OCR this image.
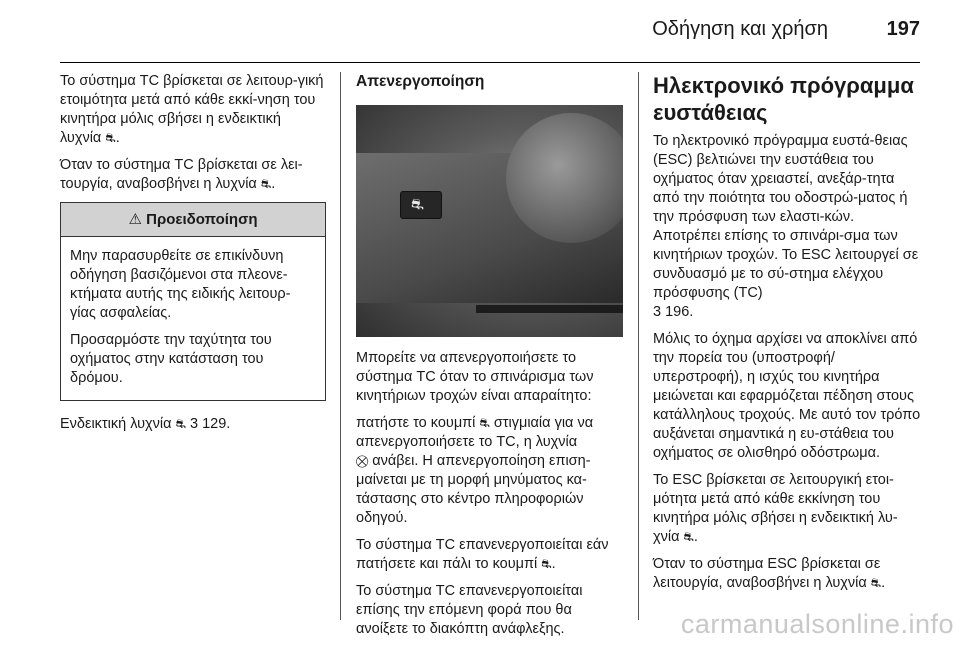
Οδήγηση και χρήση	197

Το σύστημα TC βρίσκεται σε λειτουρ-γική ετοιμότητα μετά από κάθε εκκί-νηση του κινητήρα μόλις σβήσει η ενδεικτική λυχνία ⛐.

Όταν το σύστημα TC βρίσκεται σε λει-τουργία, αναβοσβήνει η λυχνία ⛐.

⚠ Προειδοποίηση

Μην παρασυρθείτε σε επικίνδυνη οδήγηση βασιζόμενοι στα πλεονε-κτήματα αυτής της ειδικής λειτουρ-γίας ασφαλείας.

Προσαρμόστε την ταχύτητα του οχήματος στην κατάσταση του δρόμου.

Ενδεικτική λυχνία ⛐ 3 129.

Απενεργοποίηση
⛐

Μπορείτε να απενεργοποιήσετε το σύστημα TC όταν το σπινάρισμα των κινητήριων τροχών είναι απαραίτητο:

πατήστε το κουμπί ⛐ στιγμιαία για να απενεργοποιήσετε το TC, η λυχνία
⛒ ανάβει. Η απενεργοποίηση επιση-μαίνεται με τη μορφή μηνύματος κα-τάστασης στο κέντρο πληροφοριών οδηγού.

Το σύστημα TC επανενεργοποιείται εάν πατήσετε και πάλι το κουμπί ⛐.

Το σύστημα TC επανενεργοποιείται επίσης την επόμενη φορά που θα ανοίξετε το διακόπτη ανάφλεξης.

Ηλεκτρονικό πρόγραμμα ευστάθειας

Το ηλεκτρονικό πρόγραμμα ευστά-θειας (ESC) βελτιώνει την ευστάθεια του οχήματος όταν χρειαστεί, ανεξάρ-τητα από την ποιότητα του οδοστρώ-ματος ή την πρόσφυση των ελαστι-κών. Αποτρέπει επίσης το σπινάρι-σμα των κινητήριων τροχών. Το ESC λειτουργεί σε συνδυασμό με το σύ-στημα ελέγχου πρόσφυσης (TC)
3 196.

Μόλις το όχημα αρχίσει να αποκλίνει από την πορεία του (υποστροφή/ υπερστροφή), η ισχύς του κινητήρα μειώνεται και εφαρμόζεται πέδηση στους κατάλληλους τροχούς. Με αυτό τον τρόπο αυξάνεται σημαντικά η ευ-στάθεια του οχήματος σε ολισθηρό οδόστρωμα.

Το ESC βρίσκεται σε λειτουργική ετοι-μότητα μετά από κάθε εκκίνηση του κινητήρα μόλις σβήσει η ενδεικτική λυ-χνία ⛐.

Όταν το σύστημα ESC βρίσκεται σε λειτουργία, αναβοσβήνει η λυχνία ⛐.

carmanualsonline.info
